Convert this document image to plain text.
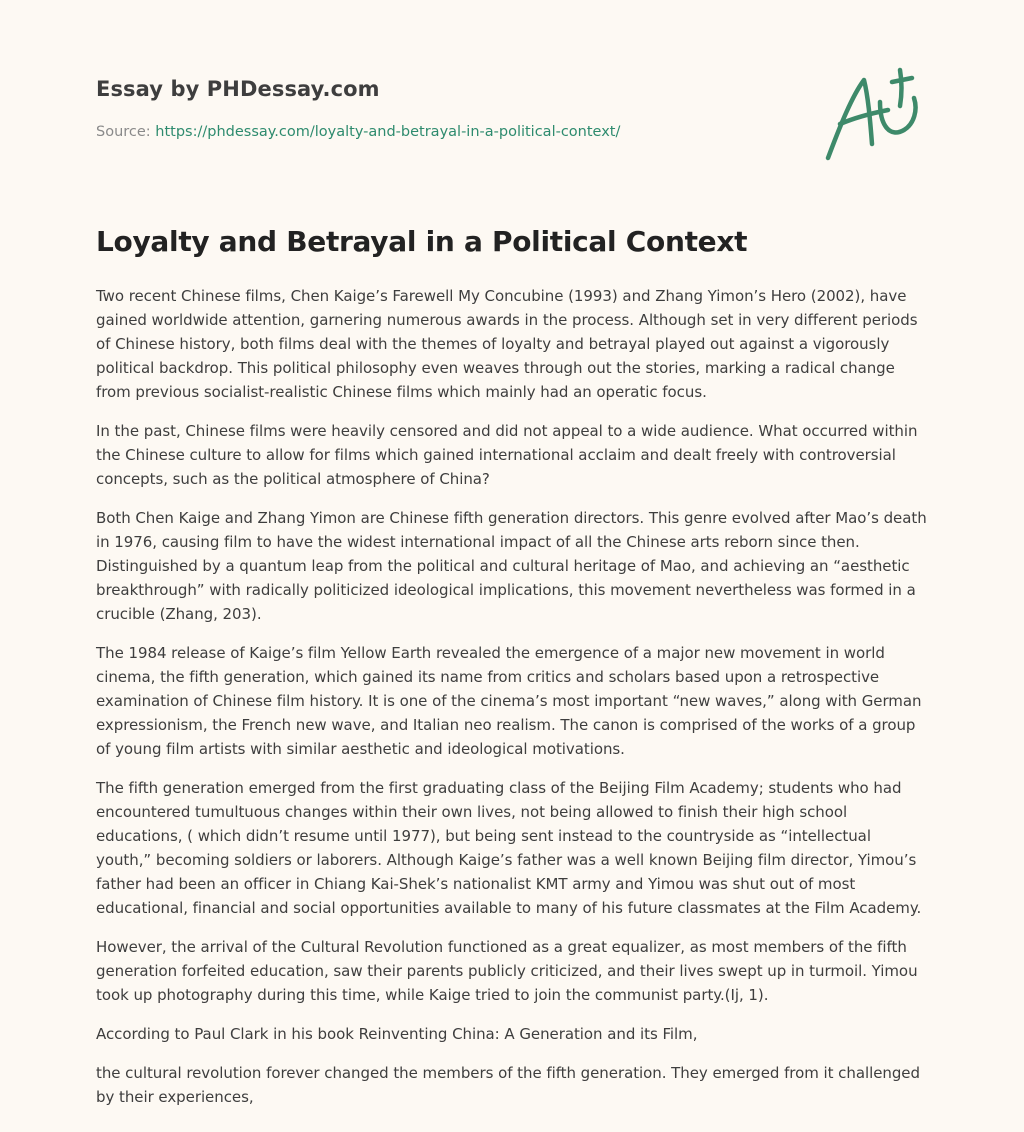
Essay by PHDessay.com

Source: https://phdessay.com/loyalty-and-betrayal-in-a-political-context/

Loyalty and Betrayal in a Political Context

Two recent Chinese films, Chen Kaige’s Farewell My Concubine (1993) and Zhang Yimon’s Hero (2002), have gained worldwide attention, garnering numerous awards in the process. Although set in very different periods of Chinese history, both films deal with the themes of loyalty and betrayal played out against a vigorously political backdrop. This political philosophy even weaves through out the stories, marking a radical change from previous socialist-realistic Chinese films which mainly had an operatic focus.

In the past, Chinese films were heavily censored and did not appeal to a wide audience. What occurred within the Chinese culture to allow for films which gained international acclaim and dealt freely with controversial concepts, such as the political atmosphere of China?

Both Chen Kaige and Zhang Yimon are Chinese fifth generation directors. This genre evolved after Mao’s death in 1976, causing film to have the widest international impact of all the Chinese arts reborn since then. Distinguished by a quantum leap from the political and cultural heritage of Mao, and achieving an “aesthetic breakthrough” with radically politicized ideological implications, this movement nevertheless was formed in a crucible (Zhang, 203).

The 1984 release of Kaige’s film Yellow Earth revealed the emergence of a major new movement in world cinema, the fifth generation, which gained its name from critics and scholars based upon a retrospective examination of Chinese film history. It is one of the cinema’s most important “new waves,” along with German expressionism, the French new wave, and Italian neo realism. The canon is comprised of the works of a group of young film artists with similar aesthetic and ideological motivations.

The fifth generation emerged from the first graduating class of the Beijing Film Academy; students who had encountered tumultuous changes within their own lives, not being allowed to finish their high school educations, ( which didn’t resume until 1977), but being sent instead to the countryside as “intellectual youth,” becoming soldiers or laborers. Although Kaige’s father was a well known Beijing film director, Yimou’s father had been an officer in Chiang Kai-Shek’s nationalist KMT army and Yimou was shut out of most educational, financial and social opportunities available to many of his future classmates at the Film Academy.

However, the arrival of the Cultural Revolution functioned as a great equalizer, as most members of the fifth generation forfeited education, saw their parents publicly criticized, and their lives swept up in turmoil. Yimou took up photography during this time, while Kaige tried to join the communist party.(Ij, 1).

According to Paul Clark in his book Reinventing China: A Generation and its Film,

the cultural revolution forever changed the members of the fifth generation. They emerged from it challenged by their experiences,
